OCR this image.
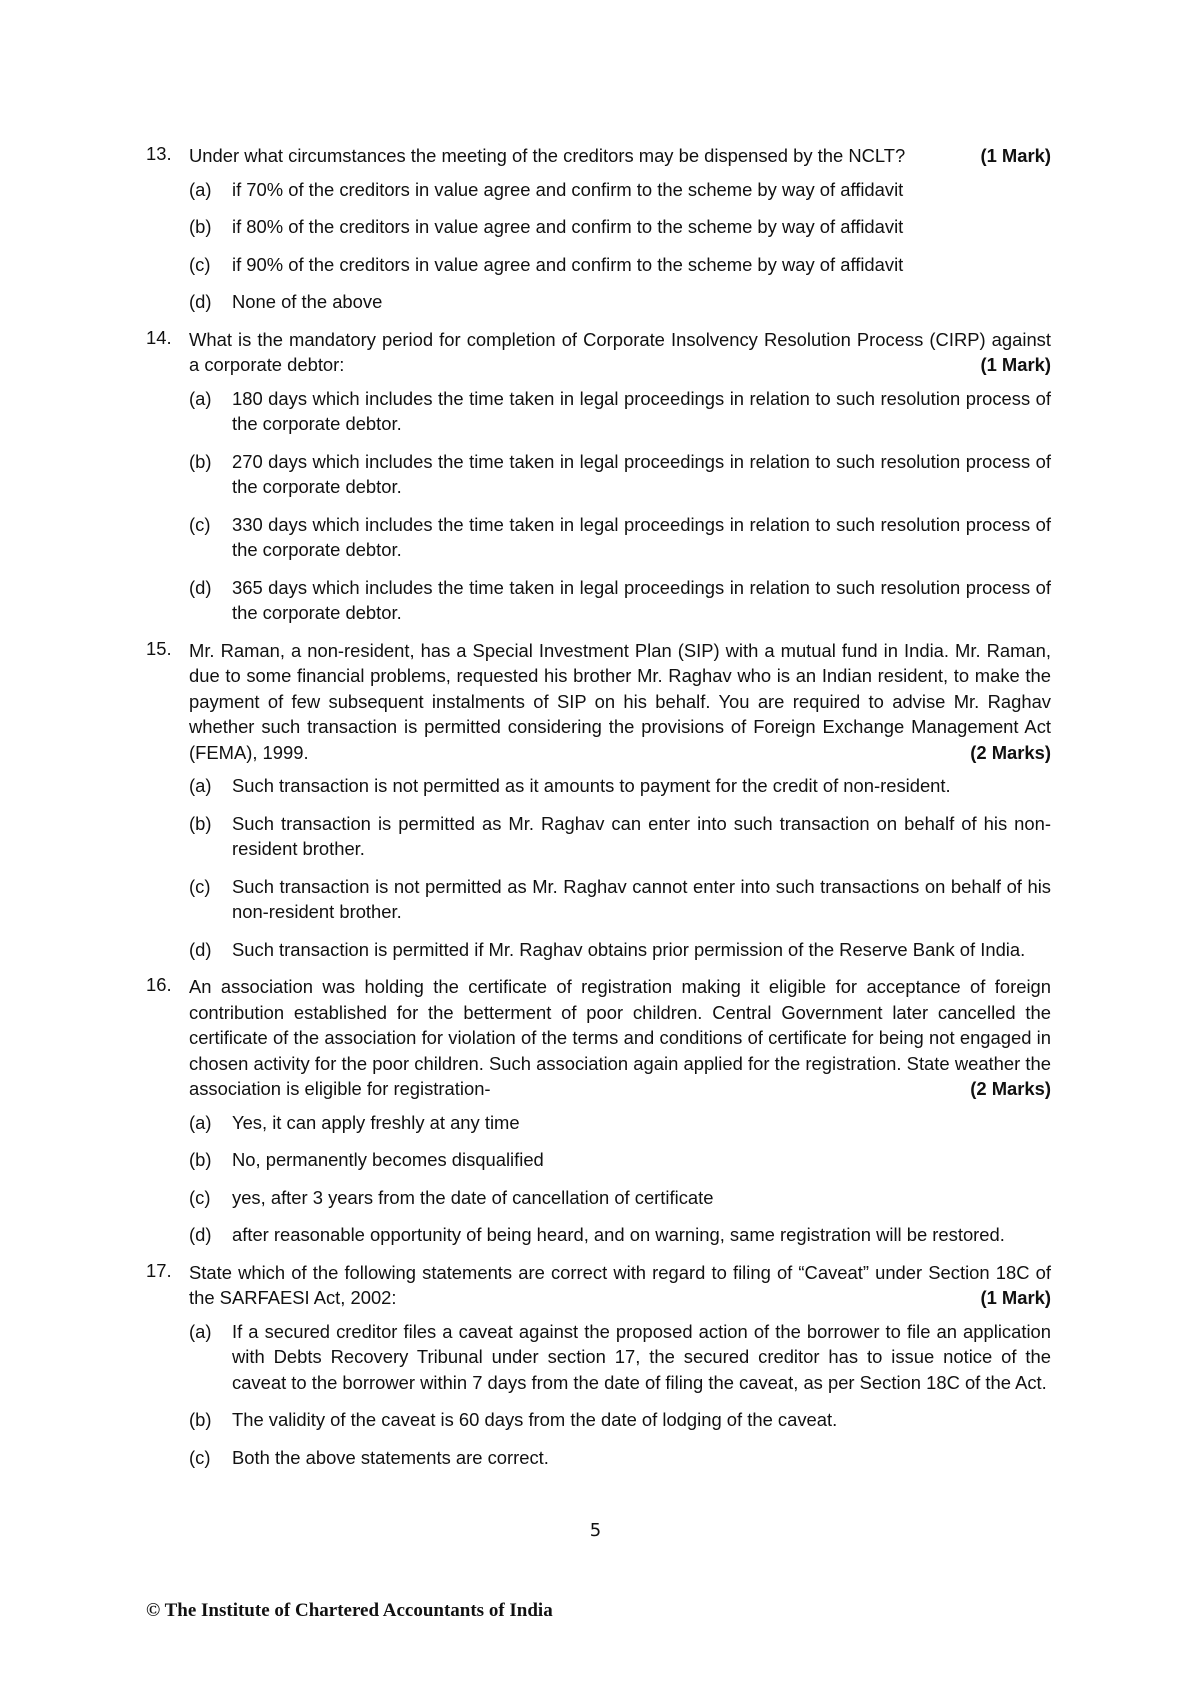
13.	(1 Mark)
Under what circumstances the meeting of the creditors may be dispensed by the NCLT?
(a)	if 70% of the creditors in value agree and confirm to the scheme by way of affidavit
(b)	if 80% of the creditors in value agree and confirm to the scheme by way of affidavit
(c)	if 90% of the creditors in value agree and confirm to the scheme by way of affidavit
(d)	None of the above
14. What is the mandatory period for completion of Corporate Insolvency Resolution Process (CIRP) against a corporate debtor:	(1 Mark)
(a)	180 days which includes the time taken in legal proceedings in relation to such resolution process of the corporate debtor.
(b)	270 days which includes the time taken in legal proceedings in relation to such resolution process of the corporate debtor.
(c)	330 days which includes the time taken in legal proceedings in relation to such resolution process of the corporate debtor.
(d)	365 days which includes the time taken in legal proceedings in relation to such resolution process of the corporate debtor.
15. Mr. Raman, a non-resident, has a Special Investment Plan (SIP) with a mutual fund in India. Mr. Raman, due to some financial problems, requested his brother Mr. Raghav who is an Indian resident, to make the payment of few subsequent instalments of SIP on his behalf. You are required to advise Mr. Raghav whether such transaction is permitted considering the provisions of Foreign Exchange Management Act (FEMA), 1999.	(2 Marks)
(a)	Such transaction is not permitted as it amounts to payment for the credit of non-resident.
(b)	Such transaction is permitted as Mr. Raghav can enter into such transaction on behalf of his non-resident brother.
(c)	Such transaction is not permitted as Mr. Raghav cannot enter into such transactions on behalf of his non-resident brother.
(d)	Such transaction is permitted if Mr. Raghav obtains prior permission of the Reserve Bank of India.
16. An association was holding the certificate of registration making it eligible for acceptance of foreign contribution established for the betterment of poor children. Central Government later cancelled the certificate of the association for violation of the terms and conditions of certificate for being not engaged in chosen activity for the poor children. Such association again applied for the registration. State weather the association is eligible for registration-	(2 Marks)
(a)	Yes, it can apply freshly at any time
(b)	No, permanently becomes disqualified
(c)	yes, after 3 years from the date of cancellation of certificate
(d)	after reasonable opportunity of being heard, and on warning, same registration will be restored.
17. State which of the following statements are correct with regard to filing of “Caveat” under Section 18C of the SARFAESI Act, 2002:	(1 Mark)
(a)	If a secured creditor files a caveat against the proposed action of the borrower to file an application with Debts Recovery Tribunal under section 17, the secured creditor has to issue notice of the caveat to the borrower within 7 days from the date of filing the caveat, as per Section 18C of the Act.
(b)	The validity of the caveat is 60 days from the date of lodging of the caveat.
(c)	Both the above statements are correct.
5
© The Institute of Chartered Accountants of India
